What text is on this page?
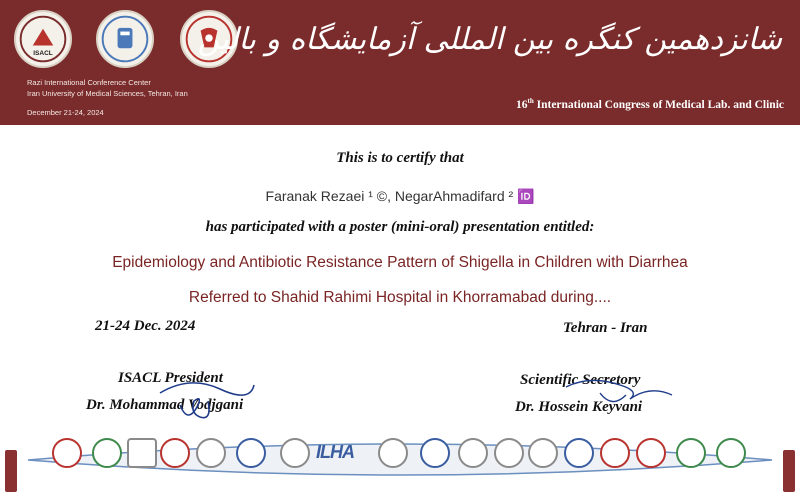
ISACL
Razi International Conference Center
Iran University of Medical Sciences, Tehran, Iran
December 21-24, 2024
شانزدهمین کنگره بین المللی آزمایشگاه و بالین
16th International Congress of Medical Lab. and Clinic
This is to certify that
Faranak Rezaei ¹ ©, NegarAhmadifard ² 🆔
has participated with a poster (mini-oral) presentation entitled:
Epidemiology and Antibiotic Resistance Pattern of Shigella in Children with Diarrhea
Referred to Shahid Rahimi Hospital in Khorramabad during....
21-24 Dec. 2024	Tehran - Iran
ISACL President
Dr. Mohammad Vodjgani
Scientific Secretory
Dr. Hossein Keyvani
ILHA
